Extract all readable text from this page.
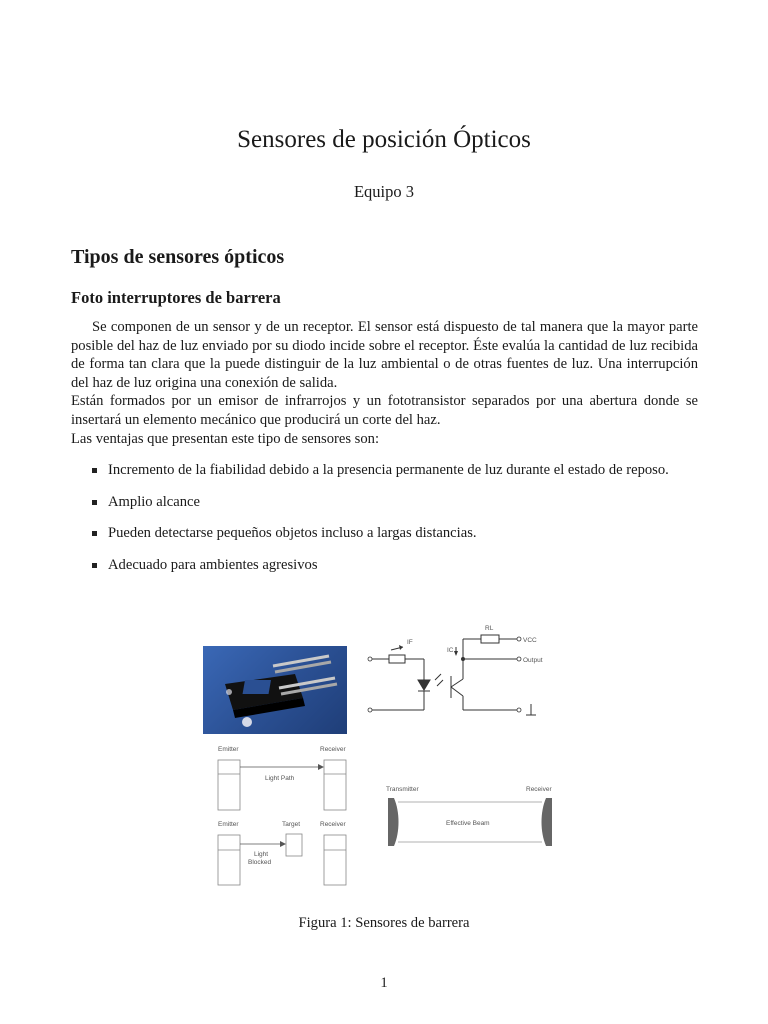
Sensores de posición Ópticos
Equipo 3
Tipos de sensores ópticos
Foto interruptores de barrera

Se componen de un sensor y de un receptor. El sensor está dispuesto de tal manera que la mayor parte posible del haz de luz enviado por su diodo incide sobre el receptor. Éste evalúa la cantidad de luz recibida de forma tan clara que la puede distinguir de la luz ambiental o de otras fuentes de luz. Una interrupción del haz de luz origina una conexión de salida.

Están formados por un emisor de infrarrojos y un fototransistor separados por una abertura donde se insertará un elemento mecánico que producirá un corte del haz.

Las ventajas que presentan este tipo de sensores son:

Incremento de la fiabilidad debido a la presencia permanente de luz durante el estado de reposo.
Amplio alcance
Pueden detectarse pequeños objetos incluso a largas distancias.
Adecuado para ambientes agresivos
IF
RL
VCC
IC
Output
Emitter	Receiver
Light Path
Emitter	Target	Receiver
Light
Blocked
Transmitter	Receiver
Effective Beam
Figura 1: Sensores de barrera
1
